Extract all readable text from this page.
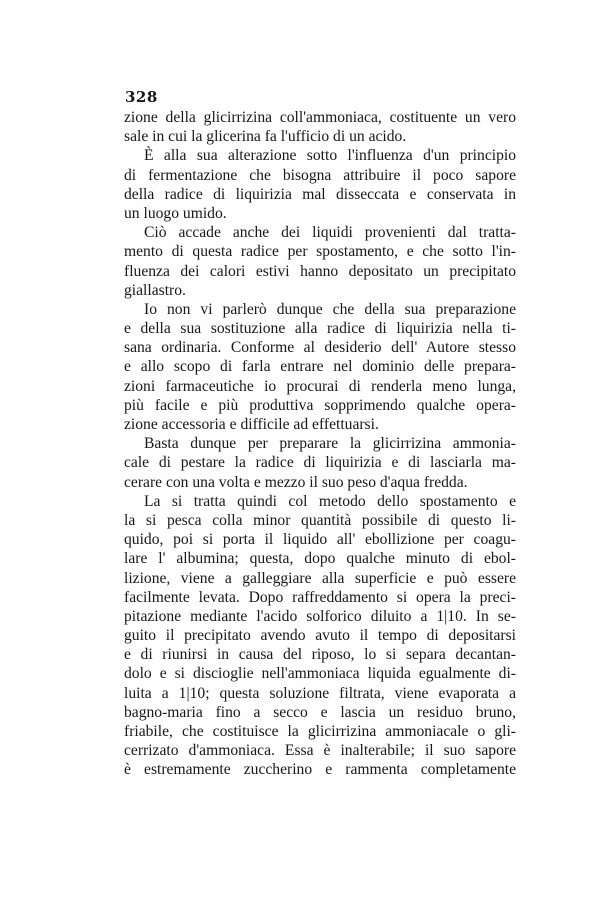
328
zione della glicirrizina coll'ammoniaca, costituente un vero
sale in cui la glicerina fa l'ufficio di un acido.
È alla sua alterazione sotto l'influenza d'un principio
di fermentazione che bisogna attribuire il poco sapore
della radice di liquirizia mal disseccata e conservata in
un luogo umido.
Ciò accade anche dei liquidi provenienti dal tratta-
mento di questa radice per spostamento, e che sotto l'in-
fluenza dei calori estivi hanno depositato un precipitato
giallastro.
Io non vi parlerò dunque che della sua preparazione
e della sua sostituzione alla radice di liquirizia nella ti-
sana ordinaria. Conforme al desiderio dell' Autore stesso
e allo scopo di farla entrare nel dominio delle prepara-
zioni farmaceutiche io procurai di renderla meno lunga,
più facile e più produttiva sopprimendo qualche opera-
zione accessoria e difficile ad effettuarsi.
Basta dunque per preparare la glicirrizina ammonia-
cale di pestare la radice di liquirizia e di lasciarla ma-
cerare con una volta e mezzo il suo peso d'aqua fredda.
La si tratta quindi col metodo dello spostamento e
la si pesca colla minor quantità possibile di questo li-
quido, poi si porta il liquido all' ebollizione per coagu-
lare l' albumina; questa, dopo qualche minuto di ebol-
lizione, viene a galleggiare alla superficie e può essere
facilmente levata. Dopo raffreddamento si opera la preci-
pitazione mediante l'acido solforico diluito a 1|10. In se-
guito il precipitato avendo avuto il tempo di depositarsi
e di riunirsi in causa del riposo, lo si separa decantan-
dolo e si discioglie nell'ammoniaca liquida egualmente di-
luita a 1|10; questa soluzione filtrata, viene evaporata a
bagno-maria fino a secco e lascia un residuo bruno,
friabile, che costituisce la glicirrizina ammoniacale o gli-
cerrizato d'ammoniaca. Essa è inalterabile; il suo sapore
è estremamente zuccherino e rammenta completamente
